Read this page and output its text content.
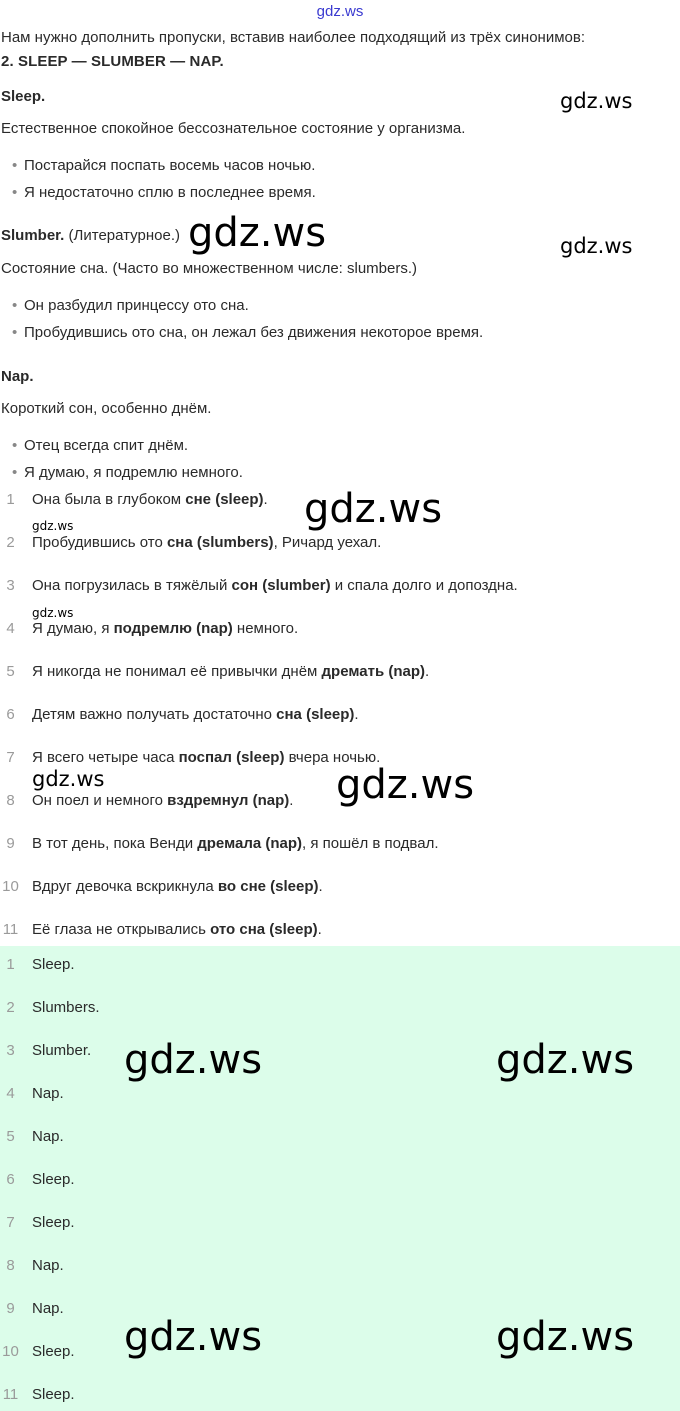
gdz.ws
Нам нужно дополнить пропуски, вставив наиболее подходящий из трёх синонимов:
2. SLEEP — SLUMBER — NAP.
Sleep.
Естественное спокойное бессознательное состояние у организма.
• Постарайся поспать восемь часов ночью.
• Я недостаточно сплю в последнее время.
Slumber. (Литературное.)
Состояние сна. (Часто во множественном числе: slumbers.)
• Он разбудил принцессу ото сна.
• Пробудившись ото сна, он лежал без движения некоторое время.
Nap.
Короткий сон, особенно днём.
• Отец всегда спит днём.
• Я думаю, я подремлю немного.
1	Она была в глубоком сне (sleep).
2	Пробудившись ото сна (slumbers), Ричард уехал.
3	Она погрузилась в тяжёлый сон (slumber) и спала долго и допоздна.
4	Я думаю, я подремлю (nap) немного.
5	Я никогда не понимал её привычки днём дремать (nap).
6	Детям важно получать достаточно сна (sleep).
7	Я всего четыре часа поспал (sleep) вчера ночью.
8	Он поел и немного вздремнул (nap).
9	В тот день, пока Венди дремала (nap), я пошёл в подвал.
10 Вдруг девочка вскрикнула во сне (sleep).
11 Её глаза не открывались ото сна (sleep).
1	Sleep.
2	Slumbers.
3	Slumber.
4	Nap.
5	Nap.
6	Sleep.
7	Sleep.
8	Nap.
9	Nap.
10 Sleep.
11 Sleep.
gdz.ws
gdz.ws	gdz.ws
gdz.ws
gdz.ws
gdz.ws
gdz.ws	gdz.ws
gdz.ws	gdz.ws
gdz.ws	gdz.ws
